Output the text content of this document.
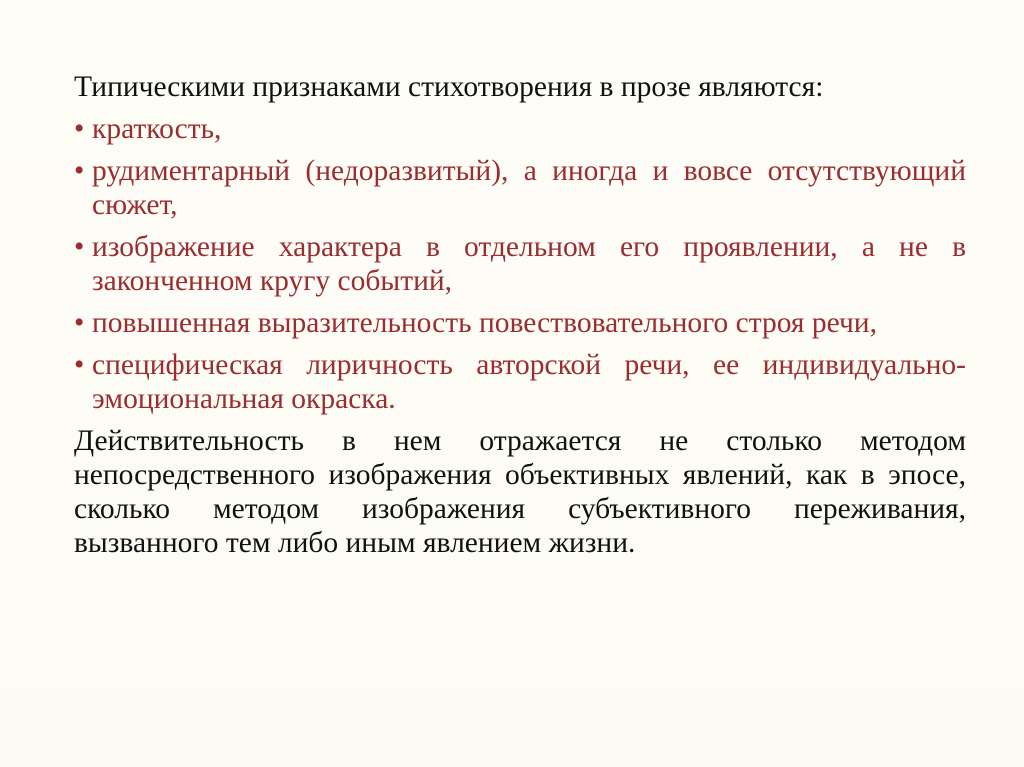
Типическими признаками стихотворения в прозе являются:

• краткость,
• рудиментарный (недоразвитый), а иногда и вовсе отсутствующий сюжет,
• изображение характера в отдельном его проявлении, а не в законченном кругу событий,
• повышенная выразительность повествовательного строя речи,
• специфическая лиричность авторской речи, ее индивидуально-эмоциональная окраска.

Действительность в нем отражается не столько методом непосредственного изображения объективных явлений, как в эпосе, сколько методом изображения субъективного переживания, вызванного тем либо иным явлением жизни.
